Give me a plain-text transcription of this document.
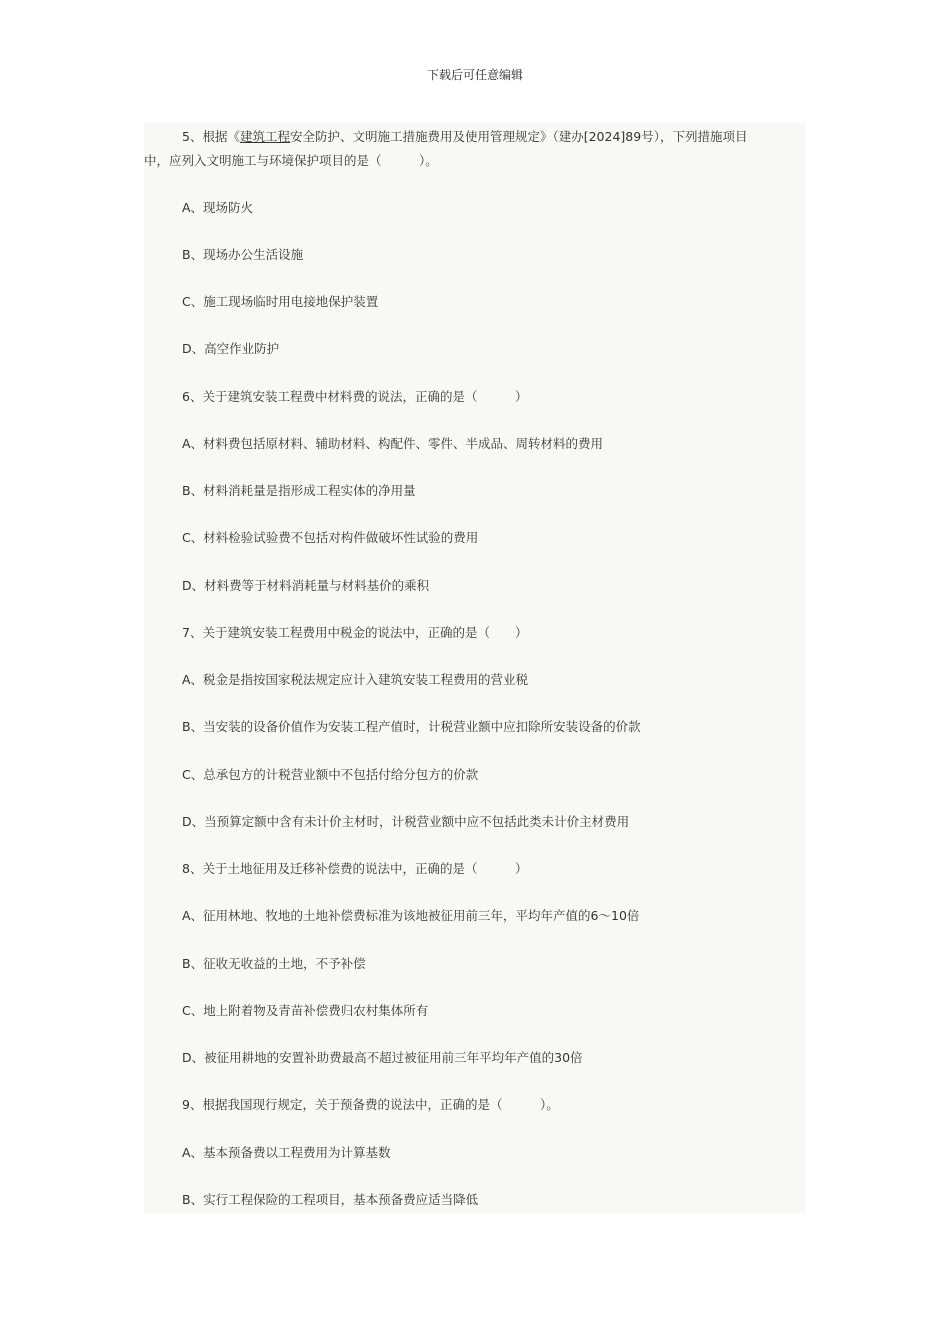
下载后可任意编辑
5、根据《建筑工程安全防护、文明施工措施费用及使用管理规定》（建办[2024]89号），下列措施项目
中，应列入文明施工与环境保护项目的是（　　　）。
A、现场防火
B、现场办公生活设施
C、施工现场临时用电接地保护装置
D、高空作业防护
6、关于建筑安装工程费中材料费的说法，正确的是（　　　）
A、材料费包括原材料、辅助材料、构配件、零件、半成品、周转材料的费用
B、材料消耗量是指形成工程实体的净用量
C、材料检验试验费不包括对构件做破坏性试验的费用
D、材料费等于材料消耗量与材料基价的乘积
7、关于建筑安装工程费用中税金的说法中，正确的是（　　）
A、税金是指按国家税法规定应计入建筑安装工程费用的营业税
B、当安装的设备价值作为安装工程产值时，计税营业额中应扣除所安装设备的价款
C、总承包方的计税营业额中不包括付给分包方的价款
D、当预算定额中含有未计价主材时，计税营业额中应不包括此类未计价主材费用
8、关于土地征用及迁移补偿费的说法中，正确的是（　　　）
A、征用林地、牧地的土地补偿费标准为该地被征用前三年，平均年产值的6～10倍
B、征收无收益的土地，不予补偿
C、地上附着物及青苗补偿费归农村集体所有
D、被征用耕地的安置补助费最高不超过被征用前三年平均年产值的30倍
9、根据我国现行规定，关于预备费的说法中，正确的是（　　　）。
A、基本预备费以工程费用为计算基数
B、实行工程保险的工程项目，基本预备费应适当降低
